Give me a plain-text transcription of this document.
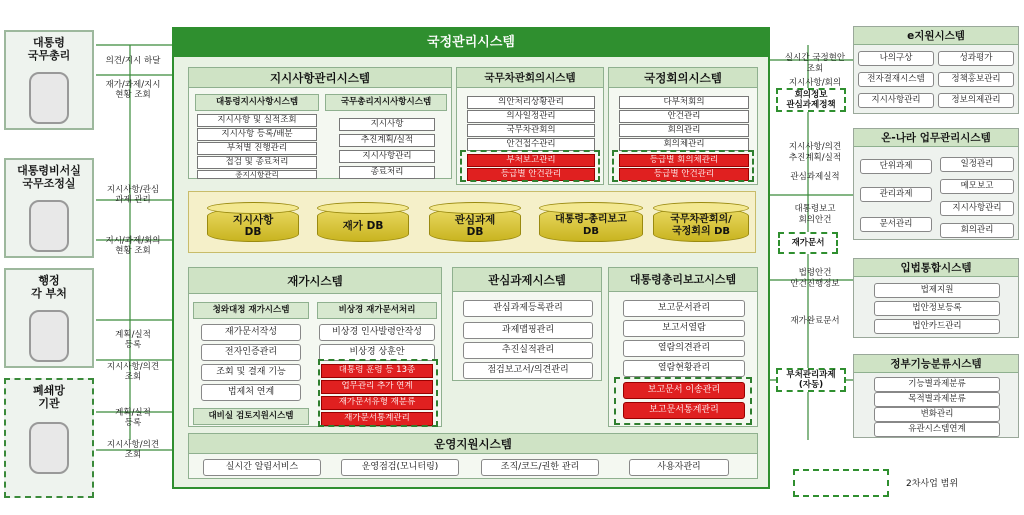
대통령
국무총리
대통령비서실
국무조정실
행정
각 부처
폐쇄망
기관
의견/지시 하달
재가/과제/지시
현황 조회
지시사항/관심
과제 관리
지시/과제/회의
현황 조회
계획/실적
등록
지시사항/의견
조회
계획/실적
등록
지시사항/의견
조회
국정관리시스템
지시사항관리시스템
대통령지시사항시스템
지시사항 및 실적조회
지시사항 등록/배분
부처별 진행관리
접검 및 종료처리
총지시항관리
국무총리지시사항시스템
지시사항
추진계획/실적
지시사항관리
종료처리
국무차관회의시스템
의안처리상황관리
의사일정관리
국무차관회의
안건접수관리
부처보고관리
등급별 안건관리
국정회의시스템
다부처회의
안건관리
회의관리
회의체관리
등급별 회의체관리
등급별 안건관리
지시사항
DB	재가 DB	관심과제
DB
대통령-총리보고
DB
국무차관회의/
국정회의 DB
재가시스템
청와대정 재가시스템
재가문서작성
전자인증관리
조회 및 결재 기능
법제처 연계
대비실 검토지원시스템
비상경 재가문서처리
비상경 인사발령안작성
비상경 상훈안
대통령 훈령 등 13종
업무관리 추가 연계
재가문서유형 재분류
재가문서통계관리
관심과제시스템
관심과제등록관리
과제맵핑관리
추진실적관리
점검보고서/의견관리
대통령총리보고시스템
보고문서관리
보고서열람
열람의견관리
열람현황관리
보고문서 이송관리
보고문서통계관리
운영지원시스템
실시간 알림서비스	운영점검(모니터링)	조직/코드/권한 관리	사용자관리
실시간 국정현안
조회
지시사항/회의
지시사항/의견
추진계획/실적
관심과제실적
대통령보고
회의안건
법령안건
안건진행정보
재가완료문서
회의정보
관심과제정책
재가문서
부처관리과제
(자동)
e지원시스템
나의구상	성과평가
전자결재시스템	정책홍보관리
지시사항관리	정보의제관리
온-나라 업무관리시스템
단위과제	일정관리
관리과제
메모보고
문서관리
지시사항관리
회의관리
입법통합시스템
법제지원
법안정보등록
법안카드관리
정부기능분류시스템
기능별과제분류
목적별과제분류
변화관리
유관시스템연계
2차사업 범위
